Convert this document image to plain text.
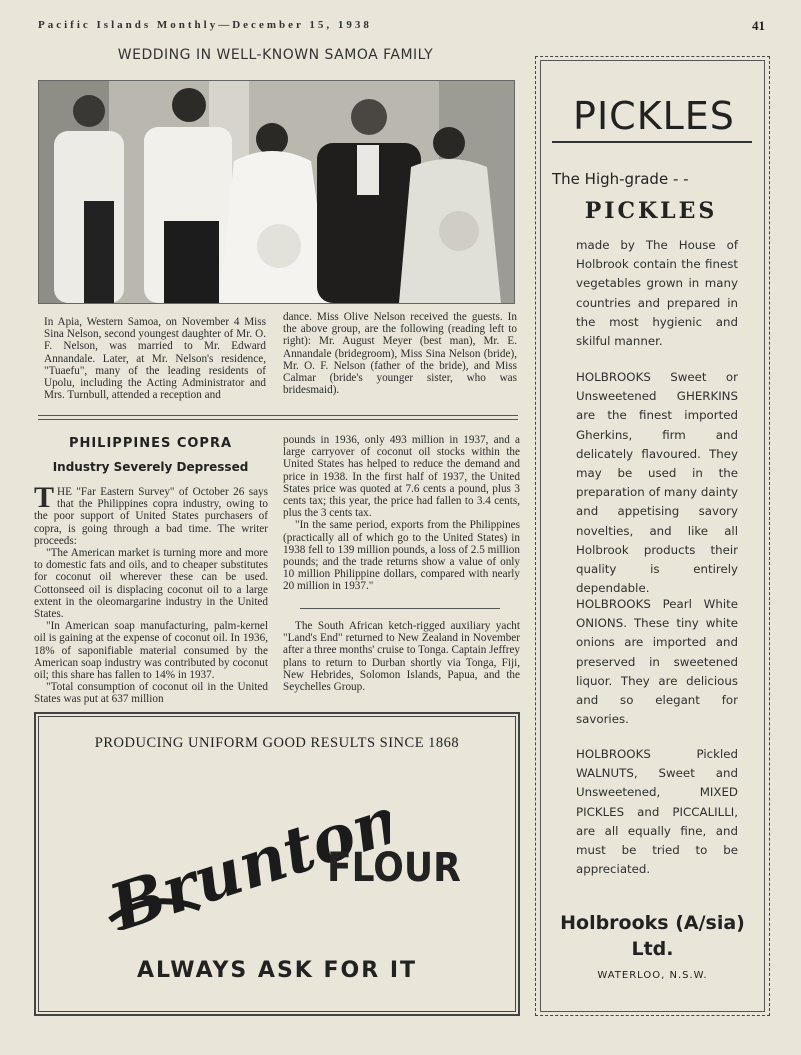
Pacific Islands Monthly—December 15, 1938	41
WEDDING IN WELL-KNOWN SAMOA FAMILY
In Apia, Western Samoa, on November 4 Miss Sina Nelson, second youngest daughter of Mr. O. F. Nelson, was married to Mr. Edward Annandale. Later, at Mr. Nelson's residence, "Tuaefu", many of the leading residents of Upolu, including the Acting Administrator and Mrs. Turnbull, attended a reception and
dance. Miss Olive Nelson received the guests. In the above group, are the following (reading left to right): Mr. August Meyer (best man), Mr. E. Annandale (bridegroom), Miss Sina Nelson (bride), Mr. O. F. Nelson (father of the bride), and Miss Calmar (bride's younger sister, who was bridesmaid).
PHILIPPINES COPRA
Industry Severely Depressed

THE "Far Eastern Survey" of October 26 says that the Philippines copra industry, owing to the poor support of United States purchasers of copra, is going through a bad time. The writer proceeds:

"The American market is turning more and more to domestic fats and oils, and to cheaper substitutes for coconut oil wherever these can be used. Cottonseed oil is displacing coconut oil to a large extent in the oleomargarine industry in the United States.

"In American soap manufacturing, palm-kernel oil is gaining at the expense of coconut oil. In 1936, 18% of saponifiable material consumed by the American soap industry was contributed by coconut oil; this share has fallen to 14% in 1937.

"Total consumption of coconut oil in the United States was put at 637 million

pounds in 1936, only 493 million in 1937, and a large carryover of coconut oil stocks within the United States has helped to reduce the demand and price in 1938. In the first half of 1937, the United States price was quoted at 7.6 cents a pound, plus 3 cents tax; this year, the price had fallen to 3.4 cents, plus the 3 cents tax.

"In the same period, exports from the Philippines (practically all of which go to the United States) in 1938 fell to 139 million pounds, a loss of 2.5 million pounds; and the trade returns show a value of only 10 million Philippine dollars, compared with nearly 20 million in 1937."

The South African ketch-rigged auxiliary yacht "Land's End" returned to New Zealand in November after a three months' cruise to Tonga. Captain Jeffrey plans to return to Durban shortly via Tonga, Fiji, New Hebrides, Solomon Islands, Papua, and the Seychelles Group.

PRODUCING UNIFORM GOOD RESULTS SINCE 1868
Brunton's
FLOUR
ALWAYS ASK FOR IT
PICKLES
The High-grade - -
PICKLES
made by The House of Holbrook contain the finest vegetables grown in many countries and prepared in the most hygienic and skilful manner.
HOLBROOKS Sweet or Unsweetened GHERKINS are the finest imported Gherkins, firm and delicately flavoured. They may be used in the preparation of many dainty and appetising savory novelties, and like all Holbrook products their quality is entirely dependable.
HOLBROOKS Pearl White ONIONS. These tiny white onions are imported and preserved in sweetened liquor. They are delicious and so elegant for savories.
HOLBROOKS Pickled WALNUTS, Sweet and Unsweetened, MIXED PICKLES and PICCALILLI, are all equally fine, and must be tried to be appreciated.
Holbrooks (A/sia)
Ltd.
WATERLOO, N.S.W.
